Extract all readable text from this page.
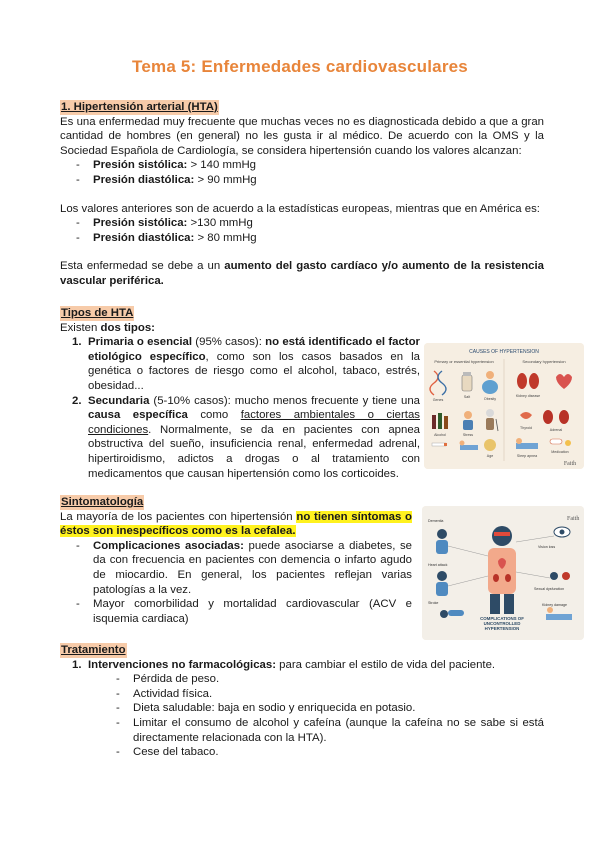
Tema 5: Enfermedades cardiovasculares
1. Hipertensión arterial (HTA)

Es una enfermedad muy frecuente que muchas veces no es diagnosticada debido a que a gran cantidad de hombres (en general) no les gusta ir al médico. De acuerdo con la OMS y la Sociedad Española de Cardiología, se considera hipertensión cuando los valores alcanzan:

- Presión sistólica: > 140 mmHg
- Presión diastólica: > 90 mmHg

Los valores anteriores son de acuerdo a la estadísticas europeas, mientras que en América es:

- Presión sistólica: >130 mmHg
- Presión diastólica: > 80 mmHg

Esta enfermedad se debe a un aumento del gasto cardíaco y/o aumento de la resistencia vascular periférica.

Tipos de HTA
Existen dos tipos:
1. Primaria o esencial (95% casos): no está identificado el factor etiológico específico, como son los casos basados en la genética o factores de riesgo como el alcohol, tabaco, estrés, obesidad...
2. Secundaria (5-10% casos): mucho menos frecuente y tiene una causa específica como factores ambientales o ciertas condiciones. Normalmente, se da en pacientes con apnea obstructiva del sueño, insuficiencia renal, enfermedad adrenal, hipertiroidismo, adictos a drogas o al tratamiento con medicamentos que causan hipertensión como los corticoides.
CAUSES OF HYPERTENSION
Primary or essential hypertension	Secondary hypertension
Genes
Salt	Obesity
Alcohol	Stress
Age
Kidney disease
Thyroid	Adrenal
Sleep apnea
Medication
Faith
Sintomatología

La mayoría de los pacientes con hipertensión no tienen síntomas o éstos son inespecíficos como es la cefalea.

- Complicaciones asociadas: puede asociarse a diabetes, se da con frecuencia en pacientes con demencia o infarto agudo de miocardio. En general, los pacientes reflejan varias patologías a la vez.
- Mayor comorbilidad y mortalidad cardiovascular (ACV e isquemia cardiaca)
Dementia
Heart attack
Stroke
Vision loss
Sexual dysfunction
Kidney damage
Faith
COMPLICATIONS OF UNCONTROLLED HYPERTENSION
Tratamiento
1. Intervenciones no farmacológicas: para cambiar el estilo de vida del paciente.
- Pérdida de peso.
- Actividad física.
- Dieta saludable: baja en sodio y enriquecida en potasio.
- Limitar el consumo de alcohol y cafeína (aunque la cafeína no se sabe si está directamente relacionada con la HTA).
- Cese del tabaco.
